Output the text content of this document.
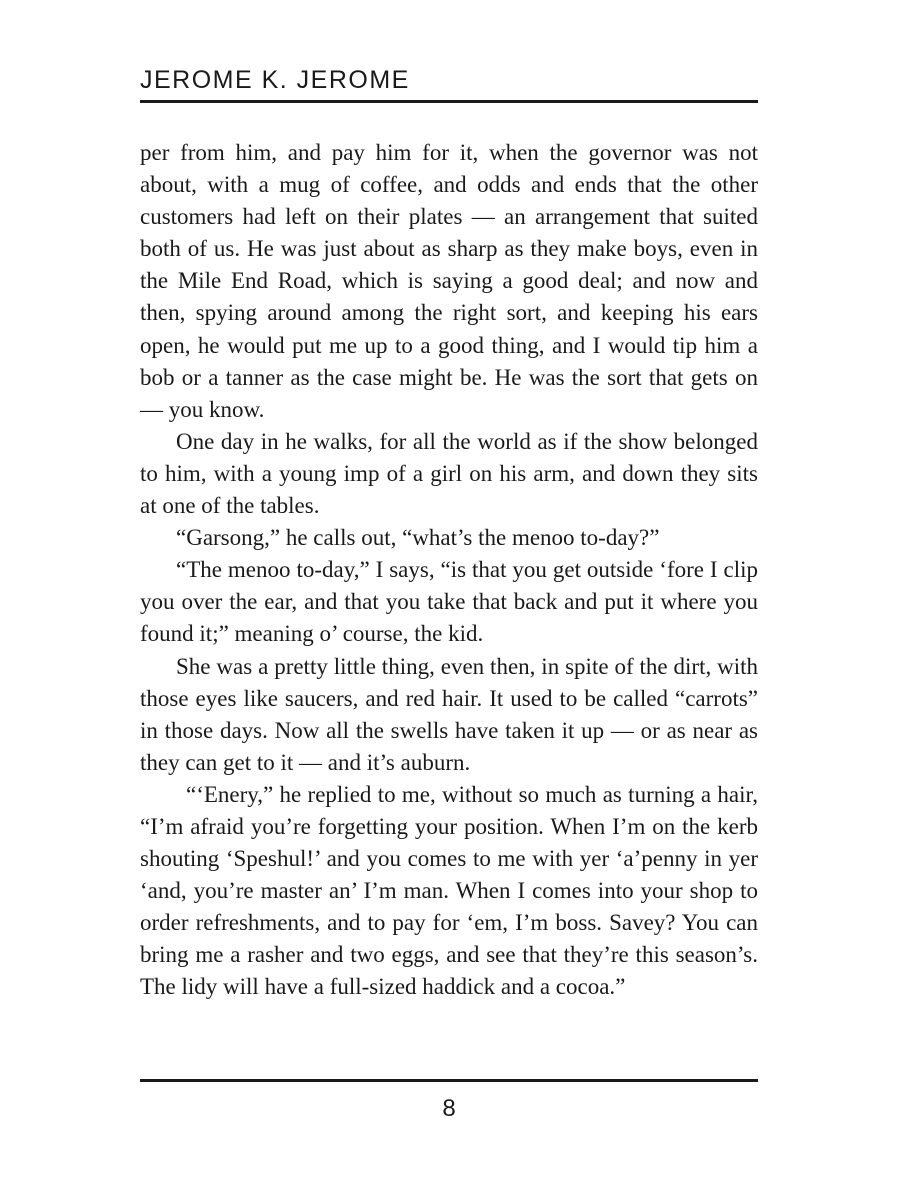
JEROME K. JEROME

per from him, and pay him for it, when the governor was not about, with a mug of coffee, and odds and ends that the other customers had left on their plates — an arrangement that suited both of us. He was just about as sharp as they make boys, even in the Mile End Road, which is saying a good deal; and now and then, spying around among the right sort, and keeping his ears open, he would put me up to a good thing, and I would tip him a bob or a tanner as the case might be. He was the sort that gets on — you know.

One day in he walks, for all the world as if the show belonged to him, with a young imp of a girl on his arm, and down they sits at one of the tables.

“Garsong,” he calls out, “what’s the menoo to-day?”

“The menoo to-day,” I says, “is that you get outside ‘fore I clip you over the ear, and that you take that back and put it where you found it;” meaning o’ course, the kid.

She was a pretty little thing, even then, in spite of the dirt, with those eyes like saucers, and red hair. It used to be called “carrots” in those days. Now all the swells have taken it up — or as near as they can get to it — and it’s auburn.

“‘Enery,” he replied to me, without so much as turning a hair, “I’m afraid you’re forgetting your position. When I’m on the kerb shouting ‘Speshul!’ and you comes to me with yer ‘a’penny in yer ‘and, you’re master an’ I’m man. When I comes into your shop to order refreshments, and to pay for ‘em, I’m boss. Savey? You can bring me a rasher and two eggs, and see that they’re this season’s. The lidy will have a full-sized haddick and a cocoa.”

8
